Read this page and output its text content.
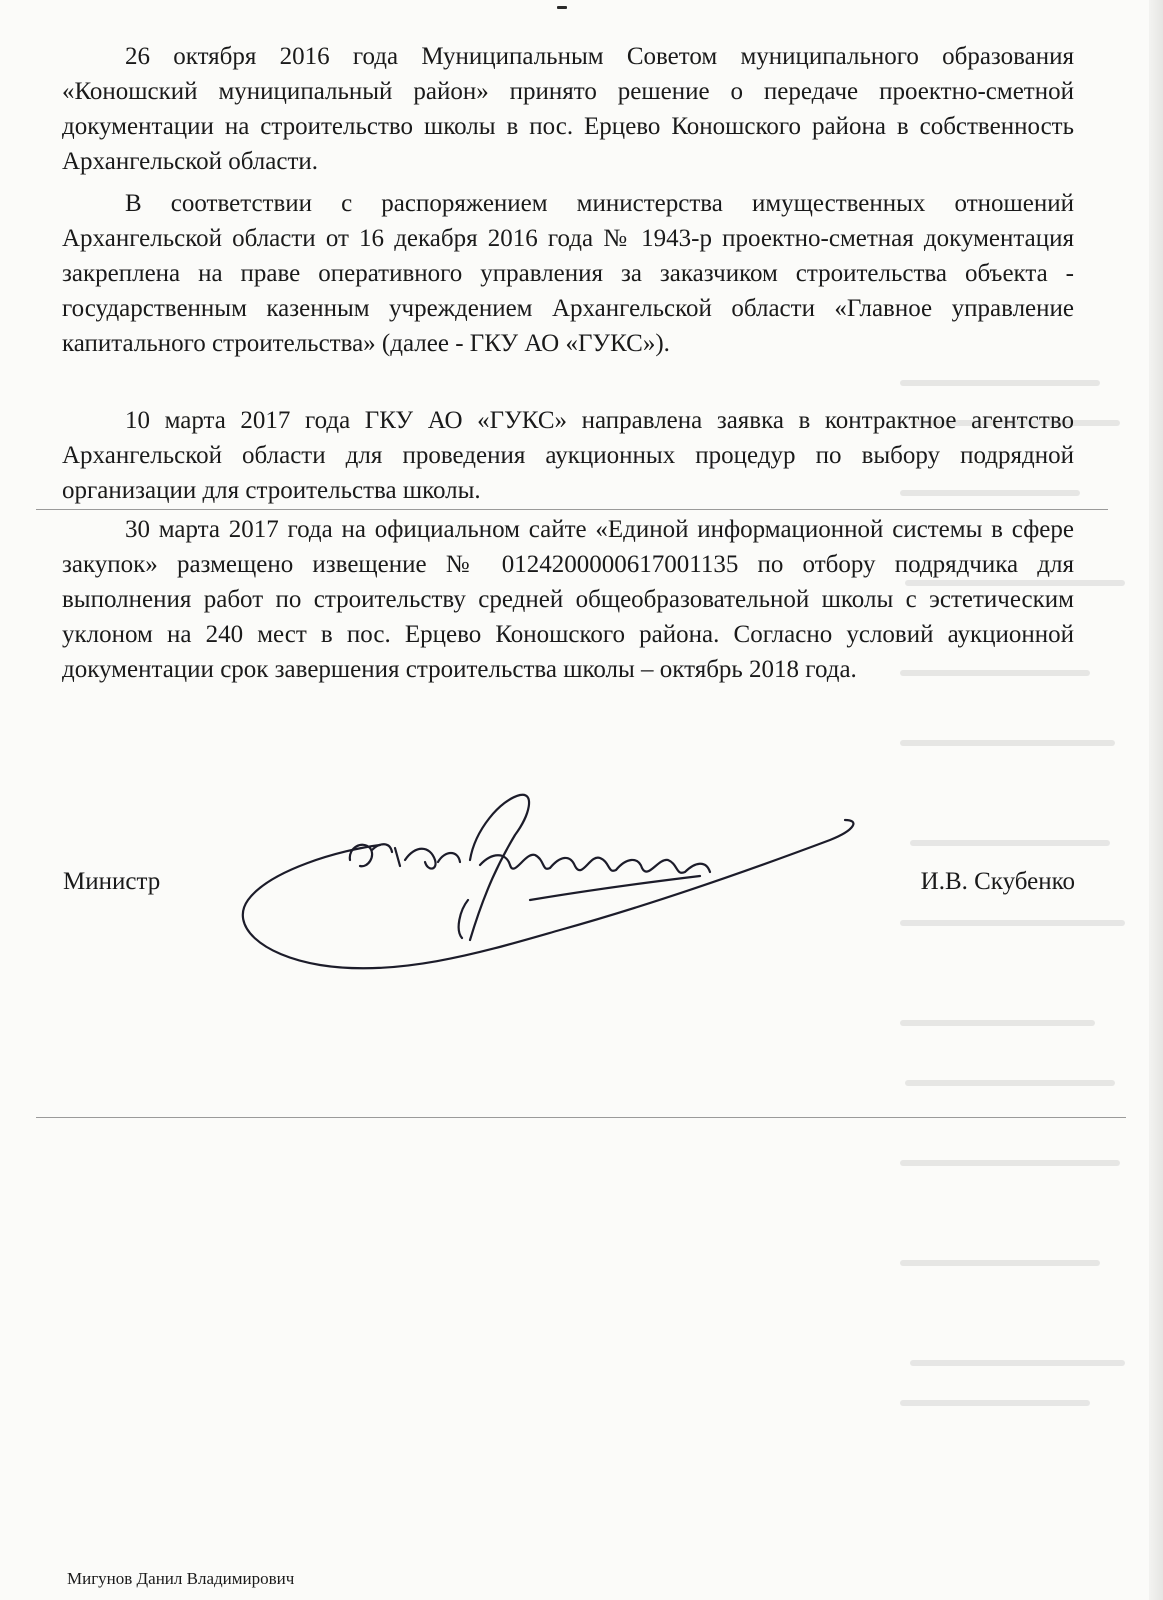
26 октября 2016 года Муниципальным Советом муниципального образования «Коношский муниципальный район» принято решение о передаче проектно-сметной документации на строительство школы в пос. Ерцево Коношского района в собственность Архангельской области.

В соответствии с распоряжением министерства имущественных отношений Архангельской области от 16 декабря 2016 года № 1943-р проектно-сметная документация закреплена на праве оперативного управления за заказчиком строительства объекта - государственным казенным учреждением Архангельской области «Главное управление капитального строительства» (далее - ГКУ АО «ГУКС»).

10 марта 2017 года ГКУ АО «ГУКС» направлена заявка в контрактное агентство Архангельской области для проведения аукционных процедур по выбору подрядной организации для строительства школы.

30 марта 2017 года на официальном сайте «Единой информационной системы в сфере закупок» размещено извещение № 0124200000617001135 по отбору подрядчика для выполнения работ по строительству средней общеобразовательной школы с эстетическим уклоном на 240 мест в пос. Ерцево Коношского района. Согласно условий аукционной документации срок завершения строительства школы – октябрь 2018 года.

Министр	И.В. Скубенко

Мигунов Данил Владимирович
